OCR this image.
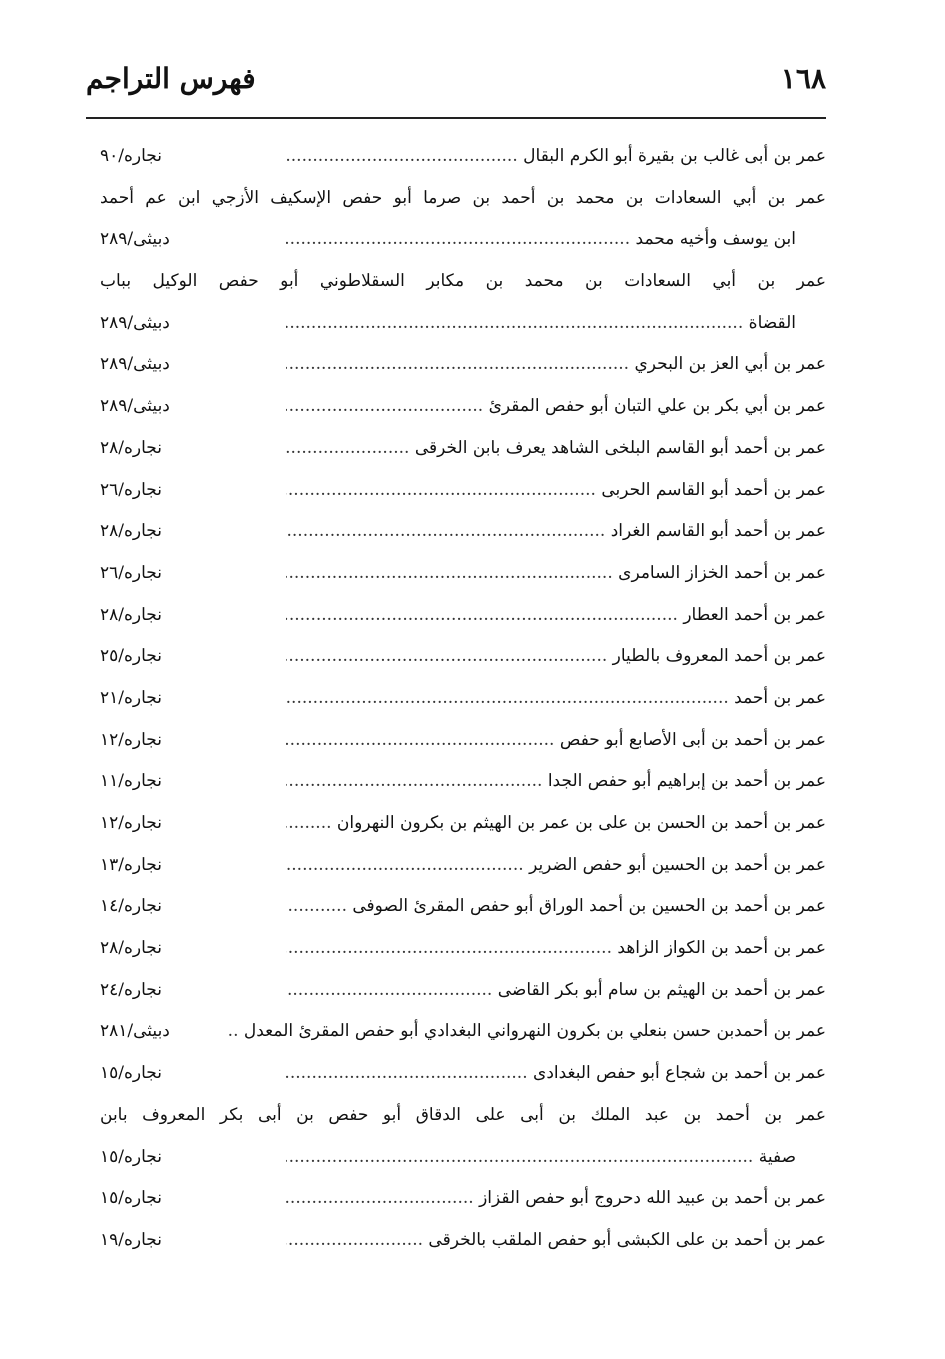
١٦٨
فهرس التراجم
عمر بن أبى غالب بن بقيرة أبو الكرم البقال .....
نجاره/٩٠
عمر بن أبي السعادات بن محمد بن أحمد بن صرما أبو حفص الإسكيف الأزجي ابن عم أحمد
ابن يوسف وأخيه محمد .....
دبيثى/٢٨٩
عمر بن أبي السعادات بن محمد بن مكابر السقلاطوني أبو حفص الوكيل بباب
القضاة .....
دبيثى/٢٨٩
عمر بن أبي العز بن البحري .....
دبيثى/٢٨٩
عمر بن أبي بكر بن علي التبان أبو حفص المقرئ .....
دبيثى/٢٨٩
عمر بن أحمد أبو القاسم البلخى الشاهد يعرف بابن الخرقى .....
نجاره/٢٨
عمر بن أحمد أبو القاسم الحربى .....
نجاره/٢٦
عمر بن أحمد أبو القاسم الغراد .....
نجاره/٢٨
عمر بن أحمد الخزاز السامرى .....
نجاره/٢٦
عمر بن أحمد العطار .....
نجاره/٢٨
عمر بن أحمد المعروف بالطيار .....
نجاره/٢٥
عمر بن أحمد .....
نجاره/٢١
عمر بن أحمد بن أبى الأصابع أبو حفص .....
نجاره/١٢
عمر بن أحمد بن إبراهيم أبو حفص الجدا .....
نجاره/١١
عمر بن أحمد بن الحسن بن على بن عمر بن الهيثم بن بكرون النهروان .....
نجاره/١٢
عمر بن أحمد بن الحسين أبو حفص الضرير .....
نجاره/١٣
عمر بن أحمد بن الحسين بن أحمد الوراق أبو حفص المقرئ الصوفى .....
نجاره/١٤
عمر بن أحمد بن الكواز الزاهد .....
نجاره/٢٨
عمر بن أحمد بن الهيثم بن سام أبو بكر القاضى .....
نجاره/٢٤
عمر بن أحمدبن حسن بنعلي بن بكرون النهرواني البغدادي أبو حفص المقرئ المعدل .....
دبيثى/٢٨١
عمر بن أحمد بن شجاع أبو حفص البغدادى .....
نجاره/١٥
عمر بن أحمد بن عبد الملك بن أبى على الدقاق أبو حفص بن أبى بكر المعروف بابن
صفية .....
نجاره/١٥
عمر بن أحمد بن عبيد الله دحروج أبو حفص القزاز .....
نجاره/١٥
عمر بن أحمد بن على الكبشى أبو حفص الملقب بالخرقى .....
نجاره/١٩
